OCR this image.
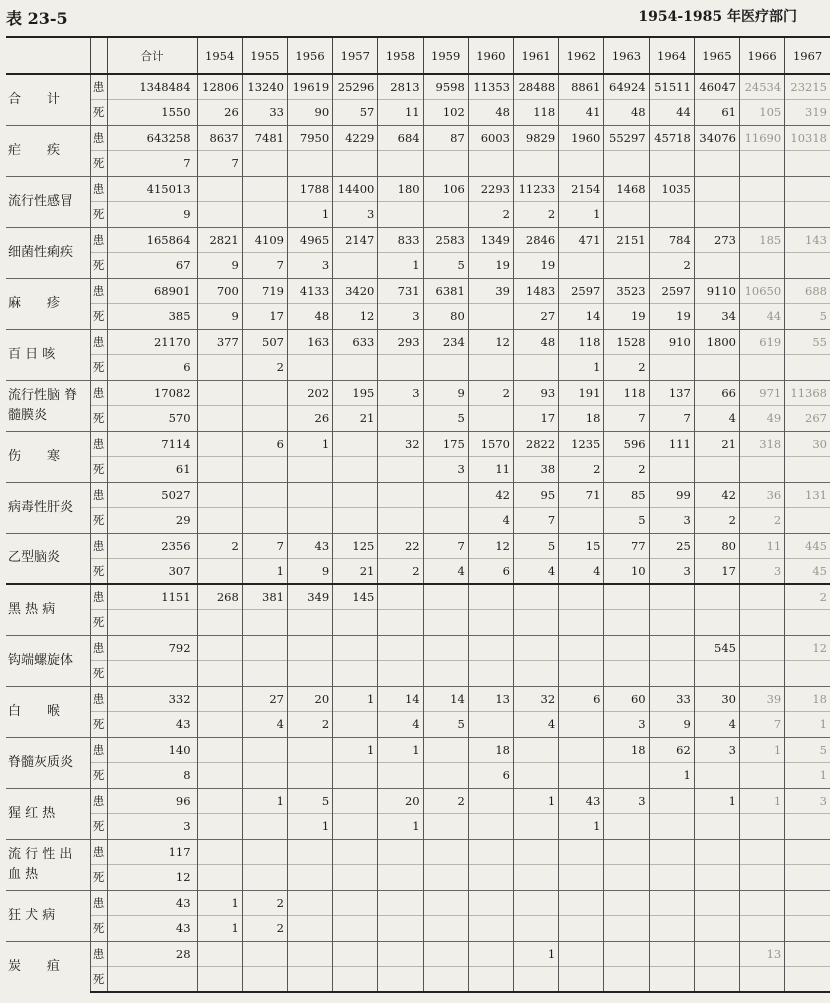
表 23-5	1954-1985 年医疗部门
		合计	1954	1955	1956	1957	1958	1959	1960	1961	1962	1963	1964	1965	1966	1967
合　　计	患	1348484	12806	13240	19619	25296	2813	9598	11353	28488	8861	64924	51511	46047	24534	23215
	死	1550	26	33	90	57	11	102	48	118	41	48	44	61	105	319
疟　　疾	患	643258	8637	7481	7950	4229	684	87	6003	9829	1960	55297	45718	34076	11690	10318
	死	7	7													
流行性感冒	患	415013			1788	14400	180	106	2293	11233	2154	1468	1035			
	死	9			1	3			2	2	1					
细菌性痢疾	患	165864	2821	4109	4965	2147	833	2583	1349	2846	471	2151	784	273	185	143
	死	67	9	7	3		1	5	19	19			2			
麻　　疹	患	68901	700	719	4133	3420	731	6381	39	1483	2597	3523	2597	9110	10650	688
	死	385	9	17	48	12	3	80		27	14	19	19	34	44	5
百 日 咳	患	21170	377	507	163	633	293	234	12	48	118	1528	910	1800	619	55
	死	6		2							1	2				
流行性脑 脊髓膜炎	患	17082			202	195	3	9	2	93	191	118	137	66	971	11368
	死	570			26	21		5		17	18	7	7	4	49	267
伤　　寒	患	7114		6	1		32	175	1570	2822	1235	596	111	21	318	30
	死	61						3	11	38	2	2				
病毒性肝炎	患	5027							42	95	71	85	99	42	36	131
	死	29							4	7		5	3	2	2	
乙型脑炎	患	2356	2	7	43	125	22	7	12	5	15	77	25	80	11	445
	死	307		1	9	21	2	4	6	4	4	10	3	17	3	45
黑 热 病	患	1151	268	381	349	145										2
	死															
钩端螺旋体	患	792												545		12
	死															
白　　喉	患	332		27	20	1	14	14	13	32	6	60	33	30	39	18
	死	43		4	2		4	5		4		3	9	4	7	1
脊髓灰质炎	患	140				1	1		18			18	62	3	1	5
	死	8							6				1			1
猩 红 热	患	96		1	5		20	2		1	43	3		1	1	3
	死	3			1		1				1					
流 行 性 出 血 热	患	117														
	死	12														
狂 犬 病	患	43	1	2												
	死	43	1	2												
炭　　疽	患	28								1					13	
	死															
